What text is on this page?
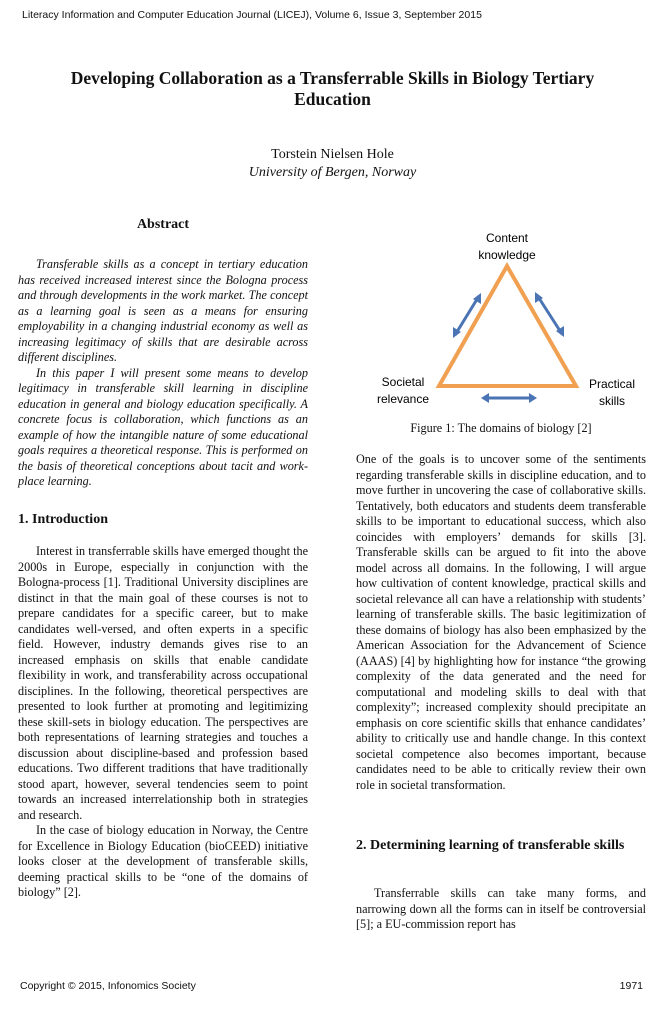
Literacy Information and Computer Education Journal (LICEJ), Volume 6, Issue 3, September 2015
Developing Collaboration as a Transferrable Skills in Biology Tertiary Education
Torstein Nielsen Hole
University of Bergen, Norway
Abstract

Transferable skills as a concept in tertiary education has received increased interest since the Bologna process and through developments in the work market. The concept as a learning goal is seen as a means for ensuring employability in a changing industrial economy as well as increasing legitimacy of skills that are desirable across different disciplines.

In this paper I will present some means to develop legitimacy in transferable skill learning in discipline education in general and biology education specifically. A concrete focus is collaboration, which functions as an example of how the intangible nature of some educational goals requires a theoretical response. This is performed on the basis of theoretical conceptions about tacit and work-place learning.

1. Introduction

Interest in transferrable skills have emerged thought the 2000s in Europe, especially in conjunction with the Bologna-process [1]. Traditional University disciplines are distinct in that the main goal of these courses is not to prepare candidates for a specific career, but to make candidates well-versed, and often experts in a specific field. However, industry demands gives rise to an increased emphasis on skills that enable candidate flexibility in work, and transferability across occupational disciplines. In the following, theoretical perspectives are presented to look further at promoting and legitimizing these skill-sets in biology education. The perspectives are both representations of learning strategies and touches a discussion about discipline-based and profession based educations. Two different traditions that have traditionally stood apart, however, several tendencies seem to point towards an increased interrelationship both in strategies and research.

In the case of biology education in Norway, the Centre for Excellence in Biology Education (bioCEED) initiative looks closer at the development of transferable skills, deeming practical skills to be “one of the domains of biology” [2].

Content
knowledge
Societal
relevance
Practical
skills
Figure 1: The domains of biology [2]

One of the goals is to uncover some of the sentiments regarding transferable skills in discipline education, and to move further in uncovering the case of collaborative skills. Tentatively, both educators and students deem transferable skills to be important to educational success, which also coincides with employers’ demands for skills [3]. Transferable skills can be argued to fit into the above model across all domains. In the following, I will argue how cultivation of content knowledge, practical skills and societal relevance all can have a relationship with students’ learning of transferable skills. The basic legitimization of these domains of biology has also been emphasized by the American Association for the Advancement of Science (AAAS) [4] by highlighting how for instance “the growing complexity of the data generated and the need for computational and modeling skills to deal with that complexity”; increased complexity should precipitate an emphasis on core scientific skills that enhance candidates’ ability to critically use and handle change. In this context societal competence also becomes important, because candidates need to be able to critically review their own role in societal transformation.

2. Determining learning of transferable skills

Transferrable skills can take many forms, and narrowing down all the forms can in itself be controversial [5]; a EU-commission report has

Copyright © 2015, Infonomics Society	1971
